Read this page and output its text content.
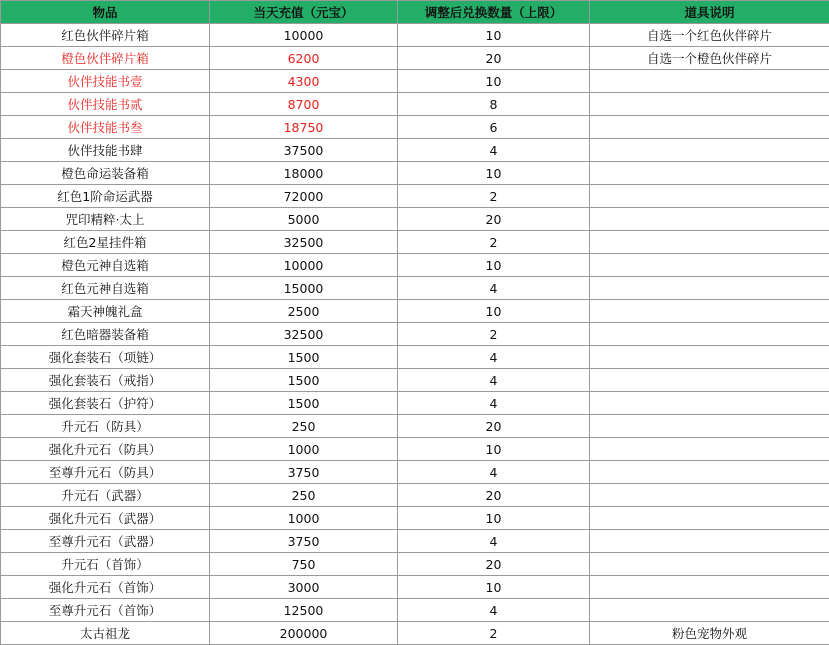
物品	当天充值（元宝）	调整后兑换数量（上限）	道具说明
红色伙伴碎片箱	10000	10	自选一个红色伙伴碎片
橙色伙伴碎片箱	6200	20	自选一个橙色伙伴碎片
伙伴技能书壹	4300	10	
伙伴技能书贰	8700	8	
伙伴技能书叁	18750	6	
伙伴技能书肆	37500	4	
橙色命运装备箱	18000	10	
红色1阶命运武器	72000	2	
咒印精粹·太上	5000	20	
红色2星挂件箱	32500	2	
橙色元神自选箱	10000	10	
红色元神自选箱	15000	4	
霜天神魄礼盒	2500	10	
红色暗器装备箱	32500	2	
强化套装石（项链）	1500	4	
强化套装石（戒指）	1500	4	
强化套装石（护符）	1500	4	
升元石（防具）	250	20	
强化升元石（防具）	1000	10	
至尊升元石（防具）	3750	4	
升元石（武器）	250	20	
强化升元石（武器）	1000	10	
至尊升元石（武器）	3750	4	
升元石（首饰）	750	20	
强化升元石（首饰）	3000	10	
至尊升元石（首饰）	12500	4	
太古祖龙	200000	2	粉色宠物外观
